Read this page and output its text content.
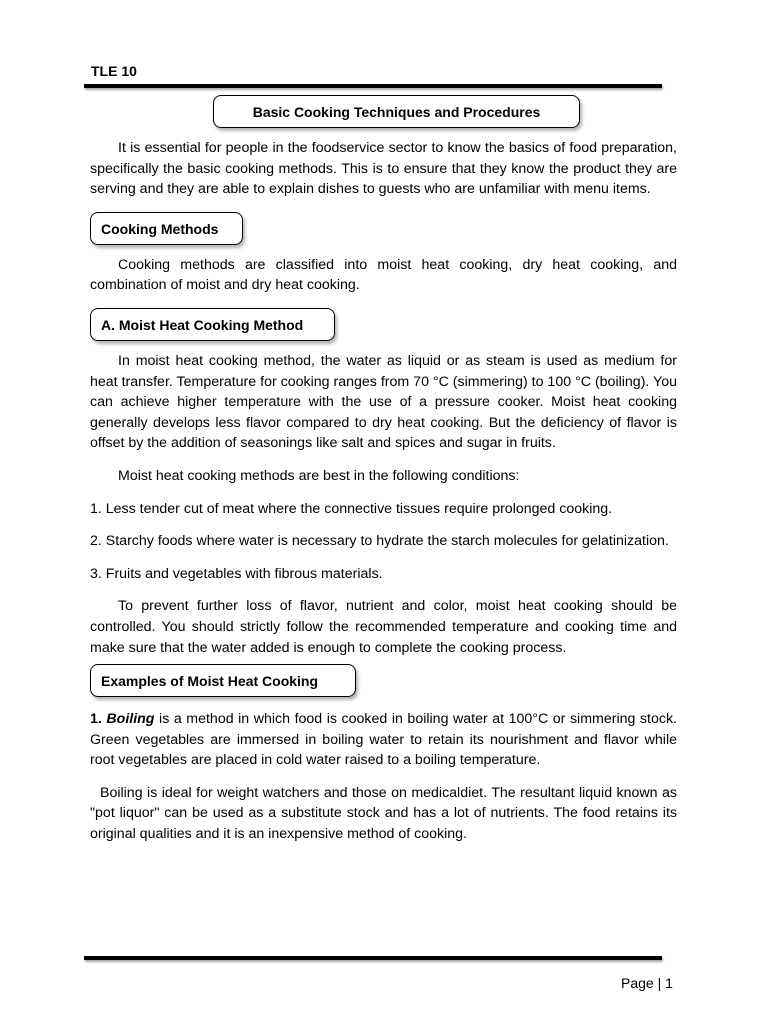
TLE 10
Basic Cooking Techniques and Procedures

It is essential for people in the foodservice sector to know the basics of food preparation, specifically the basic cooking methods. This is to ensure that they know the product they are serving and they are able to explain dishes to guests who are unfamiliar with menu items.

Cooking Methods

Cooking methods are classified into moist heat cooking, dry heat cooking, and combination of moist and dry heat cooking.

A. Moist Heat Cooking Method

In moist heat cooking method, the water as liquid or as steam is used as medium for heat transfer. Temperature for cooking ranges from 70 °C (simmering) to 100 °C (boiling). You can achieve higher temperature with the use of a pressure cooker. Moist heat cooking generally develops less flavor compared to dry heat cooking. But the deficiency of flavor is offset by the addition of seasonings like salt and spices and sugar in fruits.

Moist heat cooking methods are best in the following conditions:

1. Less tender cut of meat where the connective tissues require prolonged cooking.

2. Starchy foods where water is necessary to hydrate the starch molecules for gelatinization.

3. Fruits and vegetables with fibrous materials.

To prevent further loss of flavor, nutrient and color, moist heat cooking should be controlled. You should strictly follow the recommended temperature and cooking time and make sure that the water added is enough to complete the cooking process.

Examples of Moist Heat Cooking

1. Boiling is a method in which food is cooked in boiling water at 100°C or simmering stock. Green vegetables are immersed in boiling water to retain its nourishment and flavor while root vegetables are placed in cold water raised to a boiling temperature.

Boiling is ideal for weight watchers and those on medicaldiet. The resultant liquid known as "pot liquor" can be used as a substitute stock and has a lot of nutrients. The food retains its original qualities and it is an inexpensive method of cooking.

Page | 1
